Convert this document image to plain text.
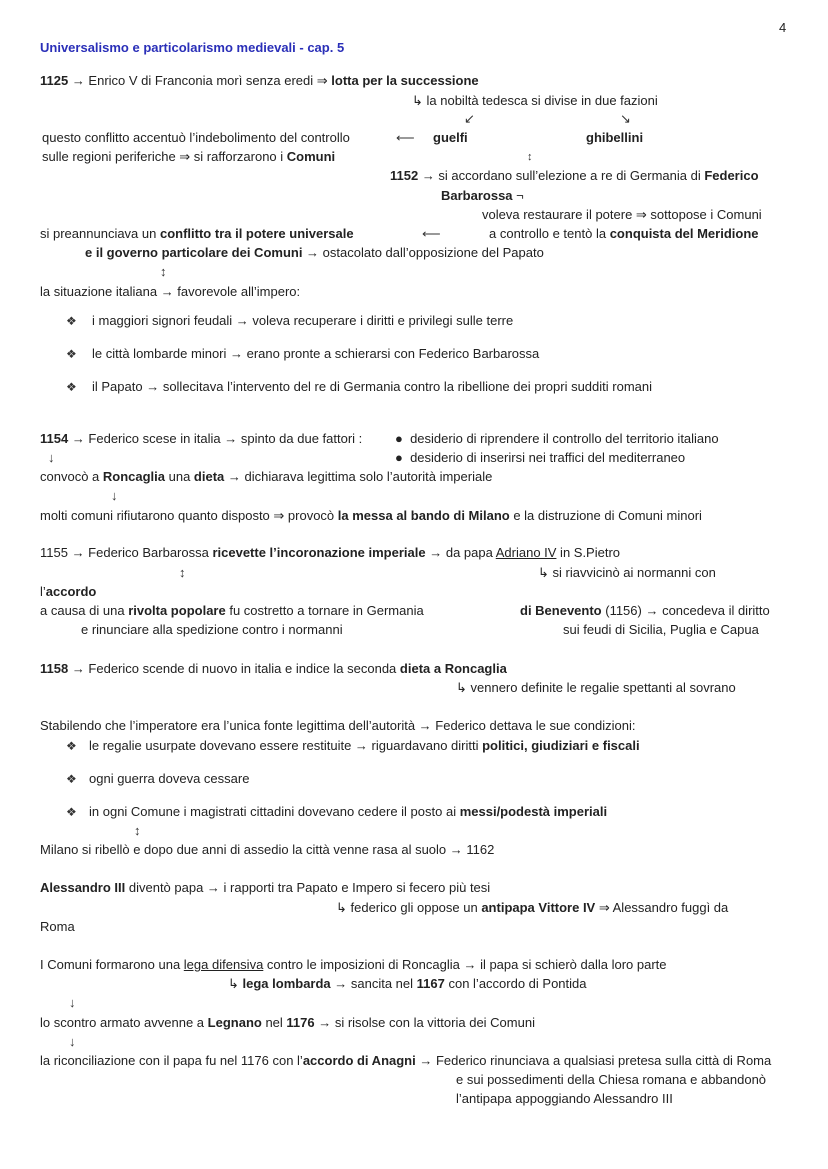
4
Universalismo e particolarismo medievali - cap. 5
1125 → Enrico V di Franconia morì senza eredi ⇒ lotta per la successione
↳ la nobiltà tedesca si divise in due fazioni
↙	↘
questo conflitto accentuò l’indebolimento del controllo	⟵ guelfi	ghibellini
sulle regioni periferiche ⇒ si rafforzarono i Comuni	↕
1152 → si accordano sull’elezione a re di Germania di Federico
Barbarossa ¬
voleva restaurare il potere ⇒ sottopose i Comuni
si preannunciava un conflitto tra il potere universale	⟵	a controllo e tentò la conquista del Meridione
e il governo particolare dei Comuni → ostacolato dall’opposizione del Papato
↕
la situazione italiana → favorevole all’impero:
❖ i maggiori signori feudali → voleva recuperare i diritti e privilegi sulle terre
❖ le città lombarde minori → erano pronte a schierarsi con Federico Barbarossa
❖ il Papato → sollecitava l’intervento del re di Germania contro la ribellione dei propri sudditi romani
1154 → Federico scese in italia → spinto da due fattori :	●  desiderio di riprendere il controllo del territorio italiano
↓	●  desiderio di inserirsi nei traffici del mediterraneo
convocò a Roncaglia una dieta → dichiarava legittima solo l’autorità imperiale
↓
molti comuni rifiutarono quanto disposto ⇒ provocò la messa al bando di Milano e la distruzione di Comuni minori
1155 → Federico Barbarossa ricevette l’incoronazione imperiale → da papa Adriano IV in S.Pietro
↕	↳ si riavvicinò ai normanni con
l’accordo
a causa di una rivolta popolare fu costretto a tornare in Germania	di Benevento (1156) → concedeva il diritto
e rinunciare alla spedizione contro i normanni	sui feudi di Sicilia, Puglia e Capua
1158 → Federico scende di nuovo in italia e indice la seconda dieta a Roncaglia
↳ vennero definite le regalie spettanti al sovrano
Stabilendo che l’imperatore era l’unica fonte legittima dell’autorità → Federico dettava le sue condizioni:
❖ le regalie usurpate dovevano essere restituite → riguardavano diritti politici, giudiziari e fiscali
❖ ogni guerra doveva cessare
❖ in ogni Comune i magistrati cittadini dovevano cedere il posto ai messi/podestà imperiali
↕
Milano si ribellò e dopo due anni di assedio la città venne rasa al suolo → 1162
Alessandro III diventò papa → i rapporti tra Papato e Impero si fecero più tesi
↳ federico gli oppose un antipapa Vittore IV ⇒ Alessandro fuggì da
Roma
I Comuni formarono una lega difensiva contro le imposizioni di Roncaglia → il papa si schierò dalla loro parte
↳ lega lombarda → sancita nel 1167 con l’accordo di Pontida
↓
lo scontro armato avvenne a Legnano nel 1176 → si risolse con la vittoria dei Comuni
↓
la riconciliazione con il papa fu nel 1176 con l’accordo di Anagni → Federico rinunciava a qualsiasi pretesa sulla città di Roma
e sui possedimenti della Chiesa romana e abbandonò
l’antipapa appoggiando Alessandro III
